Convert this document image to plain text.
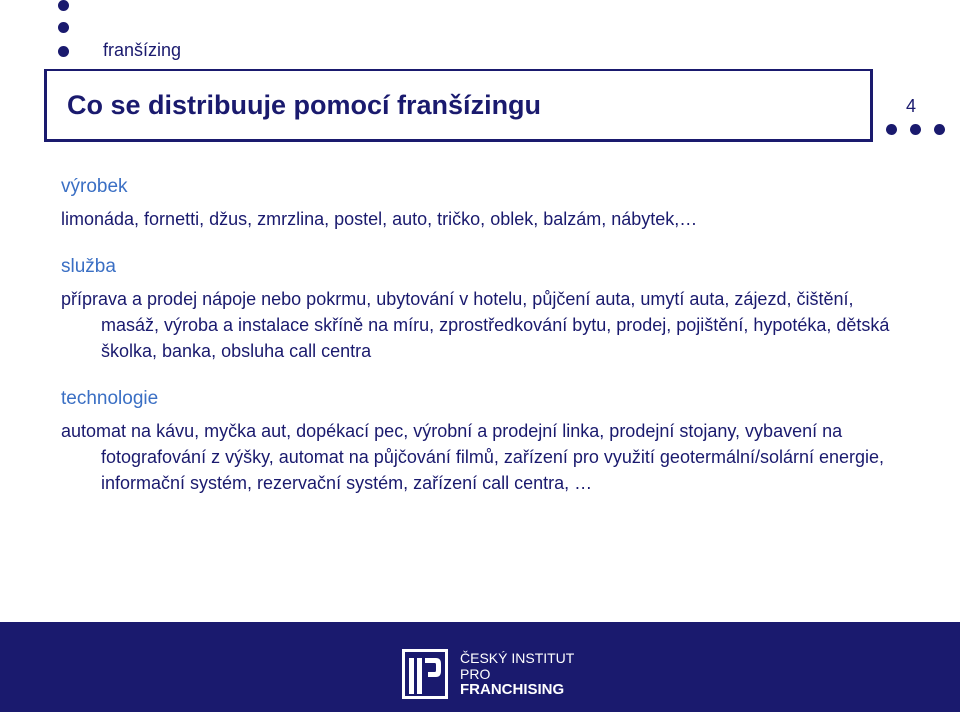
franšízing
Co se distribuuje pomocí franšízingu	4

výrobek

limonáda, fornetti, džus, zmrzlina, postel, auto, tričko, oblek, balzám, nábytek,…

služba

příprava a prodej nápoje nebo pokrmu, ubytování v hotelu, půjčení auta, umytí auta, zájezd, čištění, masáž, výroba a instalace skříně na míru, zprostředkování bytu, prodej, pojištění, hypotéka, dětská školka, banka, obsluha call centra

technologie

automat na kávu, myčka aut, dopékací pec, výrobní a prodejní linka, prodejní stojany, vybavení na fotografování z výšky, automat na půjčování filmů, zařízení pro využití geotermální/solární energie, informační systém, rezervační systém, zařízení call centra, …

ČESKÝ INSTITUT
PRO
FRANCHISING
